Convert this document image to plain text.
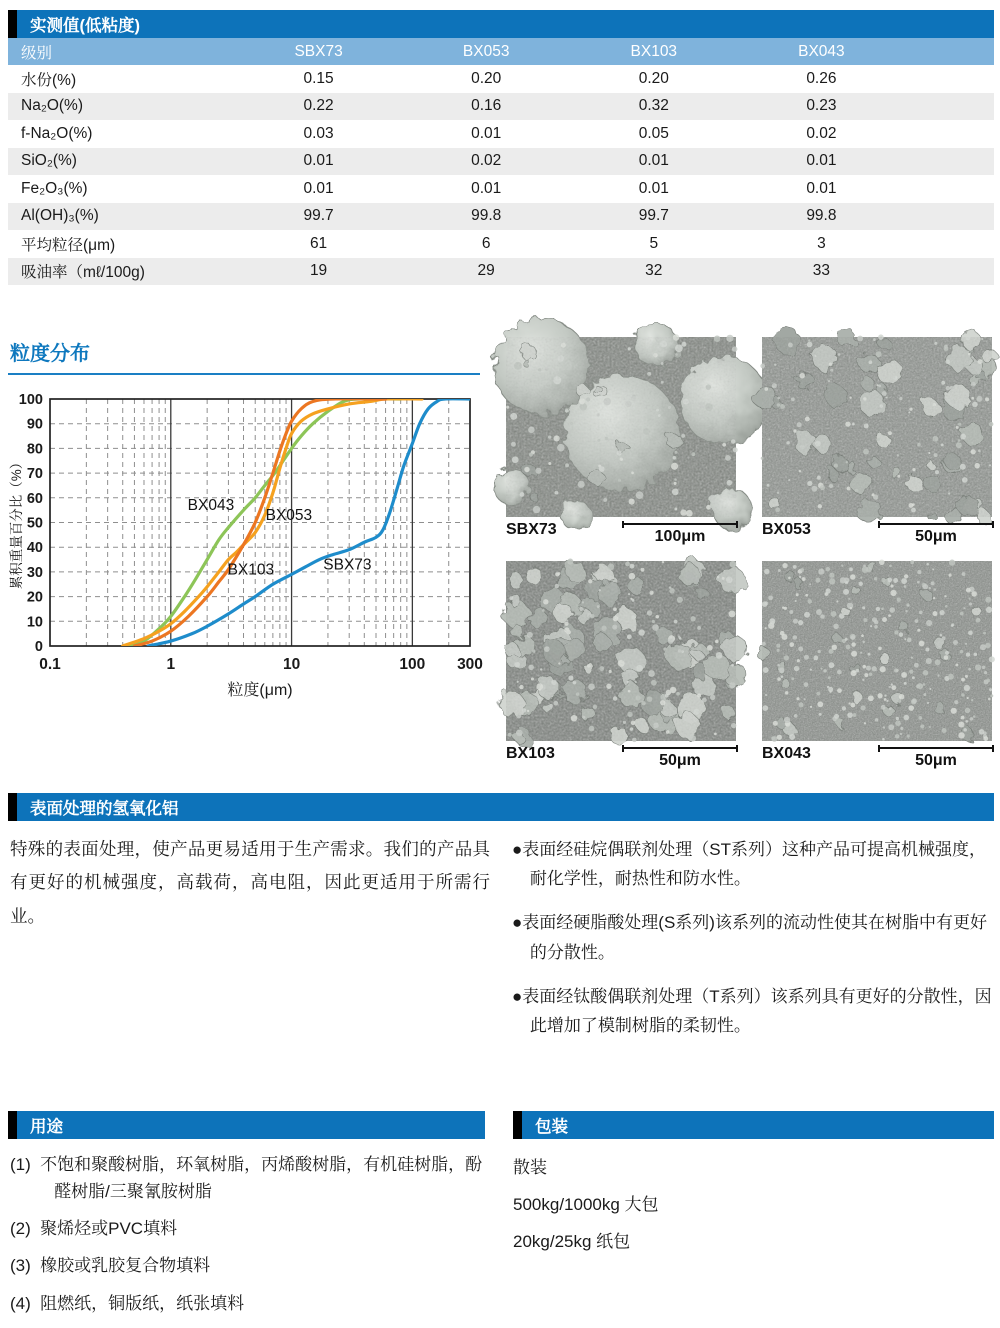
实测值(低粘度)
级别	SBX73	BX053	BX103	BX043	
水份(%)	0.15	0.20	0.20	0.26	
Na₂O(%)	0.22	0.16	0.32	0.23	
f-Na₂O(%)	0.03	0.01	0.05	0.02	
SiO₂(%)	0.01	0.02	0.01	0.01	
Fe₂O₃(%)	0.01	0.01	0.01	0.01	
Al(OH)₃(%)	99.7	99.8	99.7	99.8	
平均粒径(μm)	61	6	5	3	
吸油率（mℓ/100g)	19	29	32	33	
粒度分布
BX043
BX053
BX103	SBX73
0
10
20
30
40
50
60
70
80
90
100
0.1	1	10	100 300
累积重量百分比（%）
粒度(μm)
SBX73	100μm	BX053	50μm
BX103	50μm	BX043	50μm
表面处理的氢氧化铝

特殊的表面处理，使产品更易适用于生产需求。我们的产品具有更好的机械强度，高载荷，高电阻，因此更适用于所需行业。

●表面经硅烷偶联剂处理（ST系列）这种产品可提高机械强度，耐化学性，耐热性和防水性。
●表面经硬脂酸处理(S系列)该系列的流动性使其在树脂中有更好的分散性。
●表面经钛酸偶联剂处理（T系列）该系列具有更好的分散性，因此增加了模制树脂的柔韧性。
用途
(1) 不饱和聚酸树脂，环氧树脂，丙烯酸树脂，有机硅树脂，酚醛树脂/三聚氰胺树脂
(2) 聚烯烃或PVC填料
(3) 橡胶或乳胶复合物填料
(4) 阻燃纸，铜版纸，纸张填料
包装
散装
500kg/1000kg 大包
20kg/25kg 纸包
